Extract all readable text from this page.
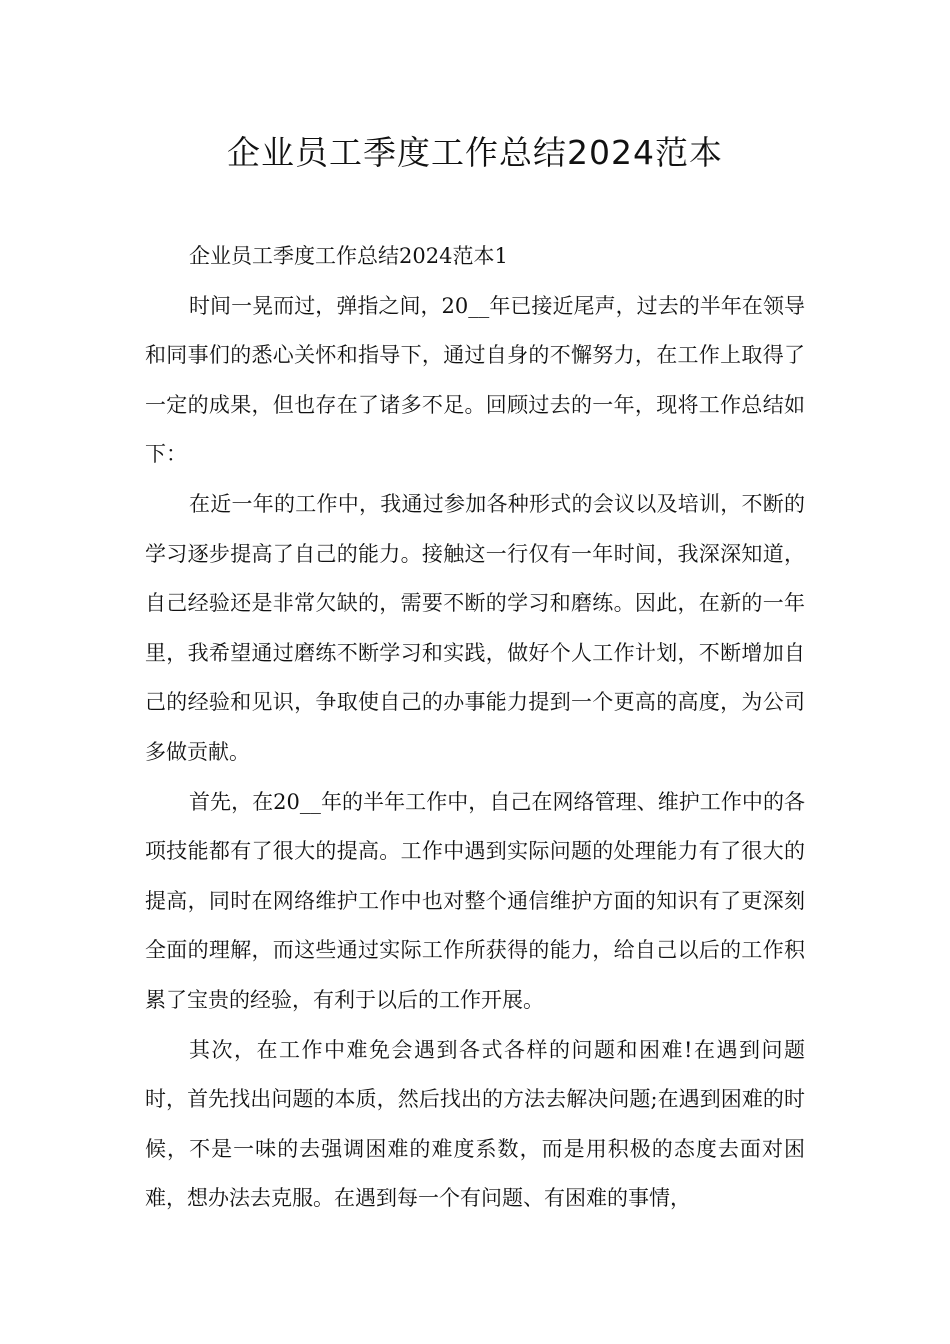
企业员工季度工作总结2024范本

企业员工季度工作总结2024范本1

时间一晃而过，弹指之间，20__年已接近尾声，过去的半年在领导和同事们的悉心关怀和指导下，通过自身的不懈努力，在工作上取得了一定的成果，但也存在了诸多不足。回顾过去的一年，现将工作总结如下：

在近一年的工作中，我通过参加各种形式的会议以及培训，不断的学习逐步提高了自己的能力。接触这一行仅有一年时间，我深深知道，自己经验还是非常欠缺的，需要不断的学习和磨练。因此，在新的一年里，我希望通过磨练不断学习和实践，做好个人工作计划，不断增加自己的经验和见识，争取使自己的办事能力提到一个更高的高度，为公司多做贡献。

首先，在20__年的半年工作中，自己在网络管理、维护工作中的各项技能都有了很大的提高。工作中遇到实际问题的处理能力有了很大的提高，同时在网络维护工作中也对整个通信维护方面的知识有了更深刻全面的理解，而这些通过实际工作所获得的能力，给自己以后的工作积累了宝贵的经验，有利于以后的工作开展。

其次，在工作中难免会遇到各式各样的问题和困难!在遇到问题时，首先找出问题的本质，然后找出的方法去解决问题;在遇到困难的时候，不是一味的去强调困难的难度系数，而是用积极的态度去面对困难，想办法去克服。在遇到每一个有问题、有困难的事情，
